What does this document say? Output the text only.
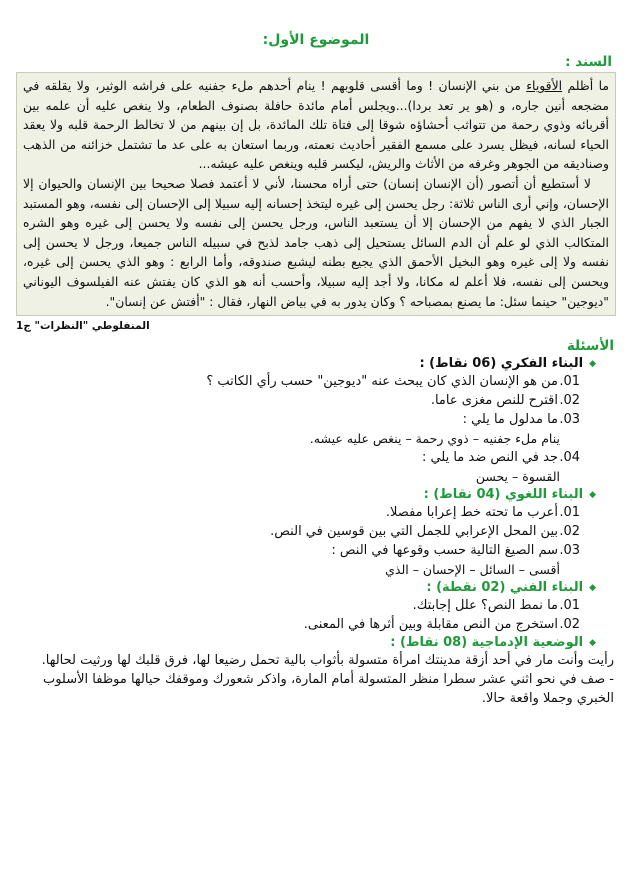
الموضوع الأول:
السند :

ما أظلم الأقوياء من بني الإنسان ! وما أقسى قلوبهم ! ينام أحدهم ملء جفنيه على فراشه الوثير، ولا يقلقه في مضجعه أنين جاره، و (هو ير تعد بردا)...ويجلس أمام مائدة حافلة بصنوف الطعام، ولا ينغص عليه أن علمه بين أقربائه وذوي رحمة من تتواثب أحشاؤه شوقا إلى فتاة تلك المائدة، بل إن بينهم من لا تخالط الرحمة قلبه ولا يعقد الحياء لسانه، فيظل يسرد على مسمع الفقير أحاديث نعمته، وربما استعان به على عد ما تشتمل خزائنه من الذهب وصناديقه من الجوهر وغرفه من الأثاث والريش، ليكسر قلبه وينغص عليه عيشه...

لا أستطيع أن أتصور (أن الإنسان إنسان) حتى أراه محسنا، لأني لا أعتمد فصلا صحيحا بين الإنسان والحيوان إلا الإحسان، وإني أرى الناس ثلاثة: رجل يحسن إلى غيره ليتخذ إحسانه إليه سبيلا إلى الإحسان إلى نفسه، وهو المستبد الجبار الذي لا يفهم من الإحسان إلا أن يستعبد الناس، ورجل يحسن إلى نفسه ولا يحسن إلى غيره وهو الشره المتكالب الذي لو علم أن الدم السائل يستحيل إلى ذهب جامد لذبح في سبيله الناس جميعا، ورجل لا يحسن إلى نفسه ولا إلى غيره وهو البخيل الأحمق الذي يجيع بطنه ليشبع صندوقه، وأما الرابع : وهو الذي يحسن إلى غيره، ويحسن إلى نفسه، فلا أعلم له مكانا، ولا أجد إليه سبيلا، وأحسب أنه هو الذي كان يفتش عنه الفيلسوف اليوناني "ديوجين" حينما سئل: ما يصنع بمصباحه ؟ وكان يدور به في بياض النهار، فقال : "أفتش عن إنسان".

المنفلوطي "النظرات" ج1
الأسئلة
◆
البناء الفكري (06 نقاط) :
01.من هو الإنسان الذي كان يبحث عنه "ديوجين" حسب رأي الكاتب ؟
02.اقترح للنص مغزى عاما.
03.ما مدلول ما يلي :
ينام ملء جفنيه – ذوي رحمة – ينغص عليه عيشه.
04.جد في النص ضد ما يلي :
القسوة – يحسن
◆
البناء اللغوي (04 نقاط) :
01.أعرب ما تحته خط إعرابا مفصلا.
02.بين المحل الإعرابي للجمل التي بين قوسين في النص.
03.سم الصيغ التالية حسب وقوعها في النص :
أقسى – السائل – الإحسان – الذي
◆
البناء الفني (02 نقطة) :
01.ما نمط النص؟ علل إجابتك.
02.استخرج من النص مقابلة وبين أثرها في المعنى.
◆
الوضعية الإدماجية (08 نقاط) :
رأيت وأنت مار في أحد أزقة مدينتك امرأة متسولة بأثواب بالية تحمل رضيعا لها، فرق قلبك لها ورثيت لحالها.
- صف في نحو اثني عشر سطرا منظر المتسولة أمام المارة، واذكر شعورك وموقفك حيالها موظفا الأسلوب الخبري وجملا واقعة حالا.
